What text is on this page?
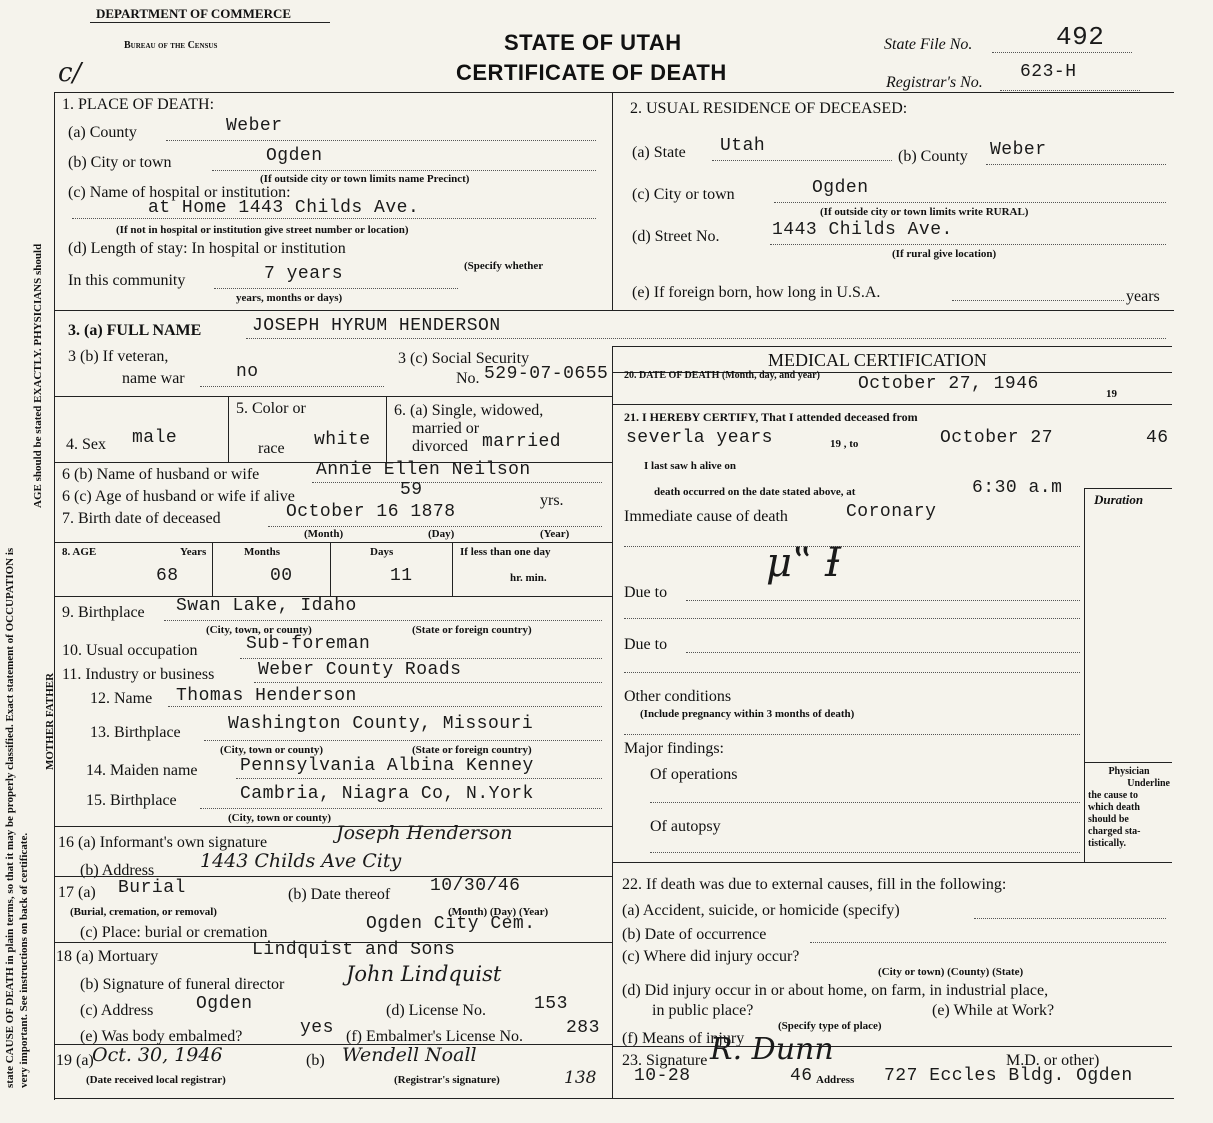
DEPARTMENT OF COMMERCE
Bureau of the Census	STATE OF UTAH
CERTIFICATE OF DEATH
State File No.	492
Registrar's No.
623-H
c/
state CAUSE OF DEATH in plain terms, so that it may be properly classified. Exact statement of OCCUPATION is very important. See instructions on back of certificate.
AGE should be stated EXACTLY. PHYSICIANS should
1. PLACE OF DEATH:
(a) County	Weber
(b) City or town	Ogden
(If outside city or town limits name Precinct)
(c) Name of hospital or institution:
at Home 1443 Childs Ave.
(If not in hospital or institution give street number or location)
(d) Length of stay: In hospital or institution
(Specify whether
In this community	7 years
years, months or days)
2. USUAL RESIDENCE OF DECEASED:
(a) State Utah
(b) County Weber
(c) City or town	Ogden
(If outside city or town limits write RURAL)
(d) Street No.	1443 Childs Ave.
(If rural give location)
(e) If foreign born, how long in U.S.A.	years
3. (a) FULL NAME	JOSEPH HYRUM HENDERSON
3 (b) If veteran,
name war	no
3 (c) Social Security
No. 529-07-0655
4. Sex male
5. Color or
race white
6. (a) Single, widowed,
married or
divorced married
6 (b) Name of husband or wife	Annie Ellen Neilson
6 (c) Age of husband or wife if alive	59
yrs.
7. Birth date of deceased	October 16 1878
(Month)	(Day)	(Year)
8. AGE	Years	Months	Days	If less than one day
hr. min.
68	00	11
9. Birthplace Swan Lake, Idaho
(City, town, or county)	(State or foreign country)
10. Usual occupation	Sub-foreman
11. Industry or business Weber County Roads
MOTHER FATHER 12. Name Thomas Henderson
13. Birthplace	Washington County, Missouri
(City, town or county)	(State or foreign country)
14. Maiden name Pennsylvania Albina Kenney
15. Birthplace	Cambria, Niagra Co, N.York
(City, town or county)
16 (a) Informant's own signature	Joseph Henderson
(b) Address 1443 Childs Ave City
17 (a) Burial	(b) Date thereof 10/30/46
(Burial, cremation, or removal)	(Month) (Day) (Year)
(c) Place: burial or cremation	Ogden City Cem.
18 (a) Mortuary	Lindquist and Sons
(b) Signature of funeral director	John Lindquist
(c) Address Ogden	(d) License No.	153
(e) Was body embalmed?	yes (f) Embalmer's License No. 283
19 (a)
Oct. 30, 1946	(b) Wendell Noall
(Date received local registrar)	(Registrar's signature)	138
MEDICAL CERTIFICATION
20. DATE OF DEATH (Month, day, and year) October 27, 1946	19
21. I HEREBY CERTIFY, That I attended deceased from
severla years	19 , to	October 27	46
I last saw h alive on
death occurred on the date stated above, at	6:30 a.m
Duration
Immediate cause of death	Coronary
μ‟ Ɨ
Due to
Due to
Other conditions
(Include pregnancy within 3 months of death)
Major findings:
Of operations
Of autopsy
Physician
Underline
the cause to
which death
should be
charged sta-
tistically.
22. If death was due to external causes, fill in the following:
(a) Accident, suicide, or homicide (specify)
(b) Date of occurrence
(c) Where did injury occur?
(City or town) (County) (State)
(d) Did injury occur in or about home, on farm, in industrial place,
in public place?	(e) While at Work?
(Specify type of place)
(f) Means of injury
23. Signature R. Dunn	M.D. or other)
10-28	46 Address 727 Eccles Bldg. Ogden
